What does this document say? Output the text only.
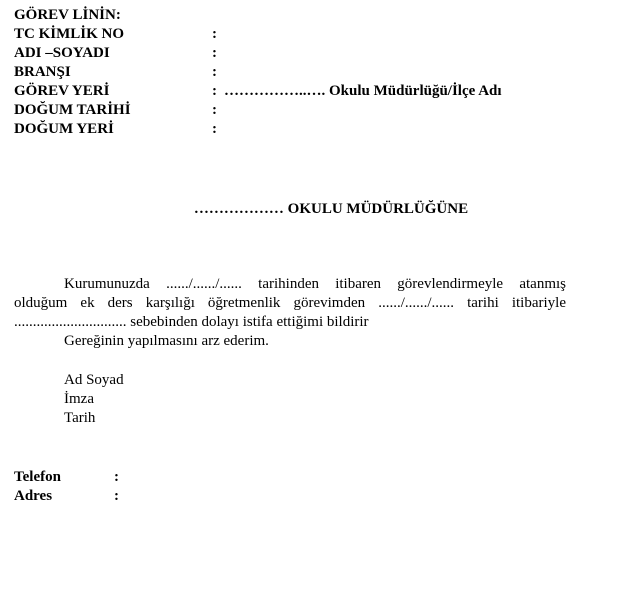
GÖREV LİNİN:
TC KİMLİK NO	:
ADI –SOYADI	:
BRANŞI	:
GÖREV YERİ	: ……………..…. Okulu Müdürlüğü/İlçe Adı
DOĞUM TARİHİ	:
DOĞUM YERİ	:
……………… OKULU MÜDÜRLÜĞÜNE
Kurumunuzda ....../....../...... tarihinden itibaren görevlendirmeyle atanmış
olduğum ek ders karşılığı öğretmenlik görevimden ....../....../...... tarihi itibariyle
.............................. sebebinden dolayı istifa ettiğimi bildirir
Gereğinin yapılmasını arz ederim.
Ad Soyad
İmza
Tarih
Telefon	:
Adres	:
